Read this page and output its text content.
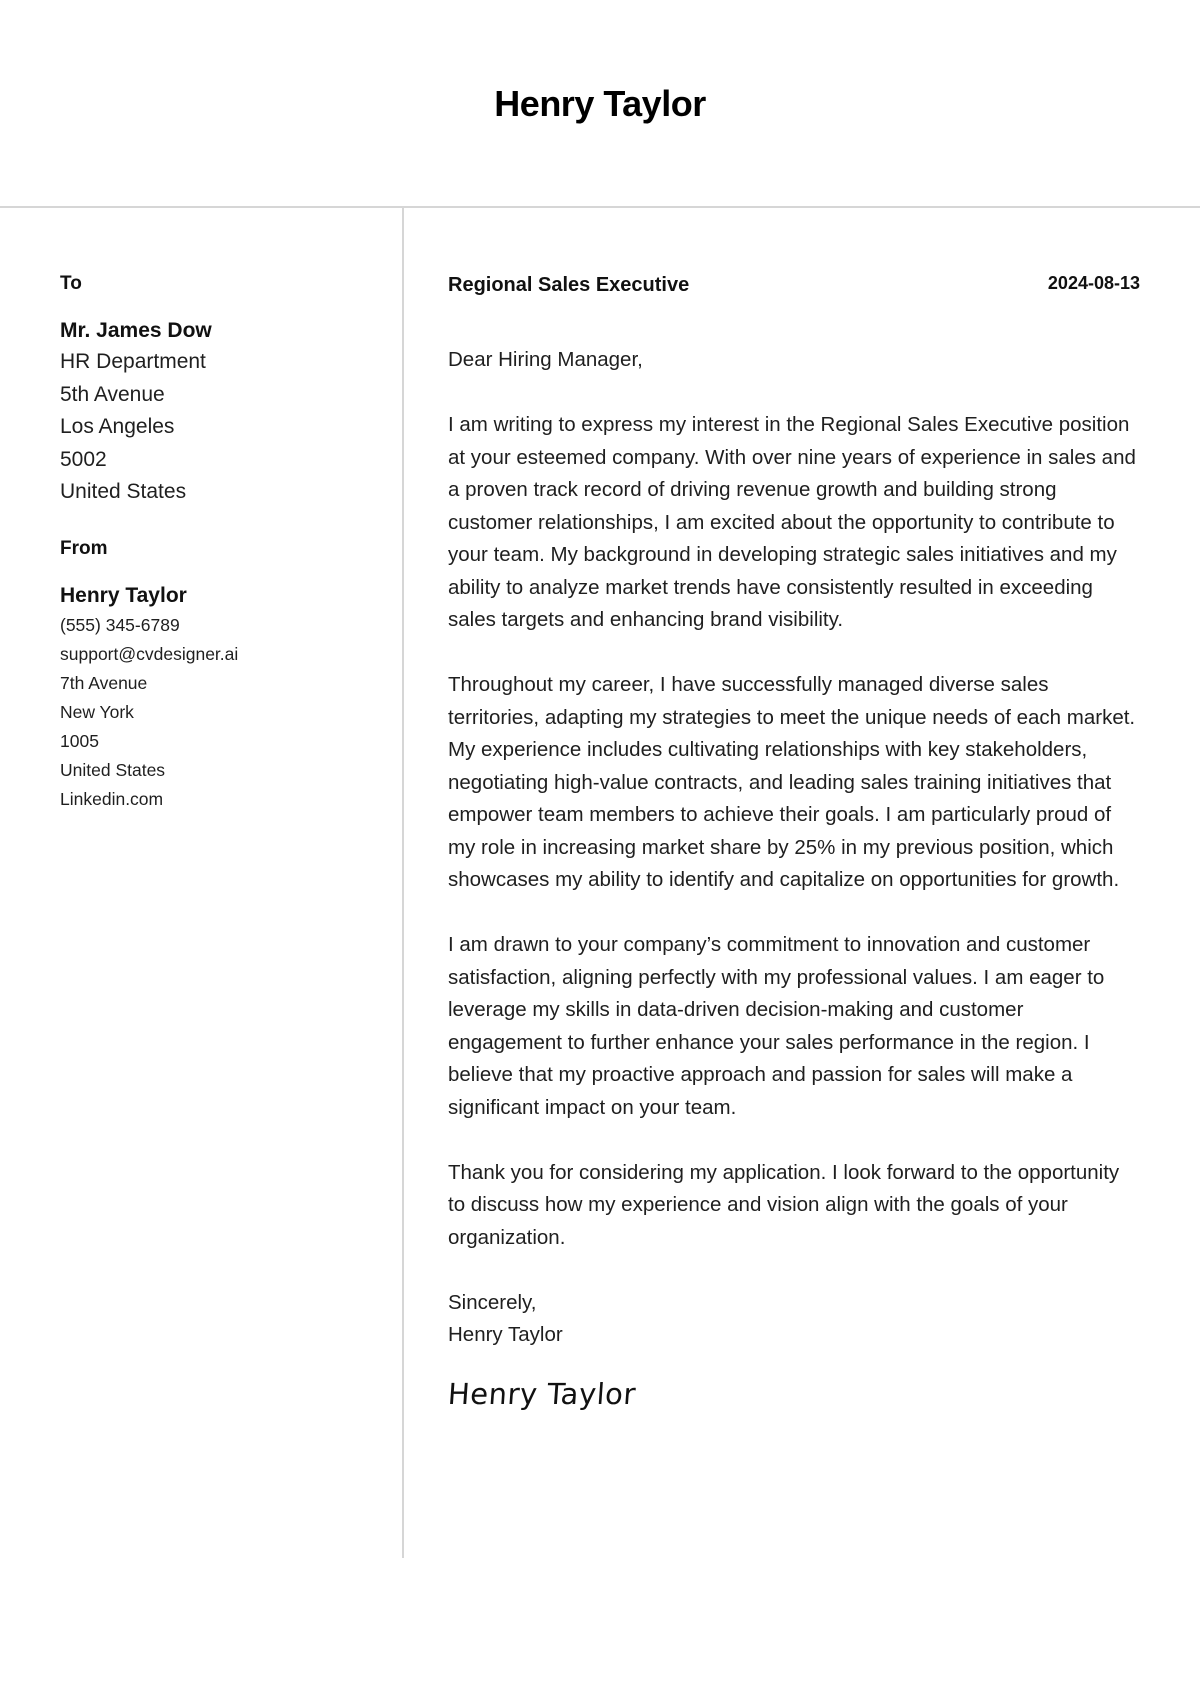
Henry Taylor
To
Mr. James Dow
HR Department
5th Avenue
Los Angeles
5002
United States
From
Henry Taylor
(555) 345-6789
support@cvdesigner.ai
7th Avenue
New York
1005
United States
Linkedin.com
Regional Sales Executive	2024-08-13
Dear Hiring Manager,
I am writing to express my interest in the Regional Sales Executive position at your esteemed company. With over nine years of experience in sales and a proven track record of driving revenue growth and building strong customer relationships, I am excited about the opportunity to contribute to your team. My background in developing strategic sales initiatives and my ability to analyze market trends have consistently resulted in exceeding sales targets and enhancing brand visibility.
Throughout my career, I have successfully managed diverse sales territories, adapting my strategies to meet the unique needs of each market. My experience includes cultivating relationships with key stakeholders, negotiating high-value contracts, and leading sales training initiatives that empower team members to achieve their goals. I am particularly proud of my role in increasing market share by 25% in my previous position, which showcases my ability to identify and capitalize on opportunities for growth.
I am drawn to your company’s commitment to innovation and customer satisfaction, aligning perfectly with my professional values. I am eager to leverage my skills in data-driven decision-making and customer engagement to further enhance your sales performance in the region. I believe that my proactive approach and passion for sales will make a significant impact on your team.
Thank you for considering my application. I look forward to the opportunity to discuss how my experience and vision align with the goals of your organization.
Sincerely,
Henry Taylor
Henry Taylor
